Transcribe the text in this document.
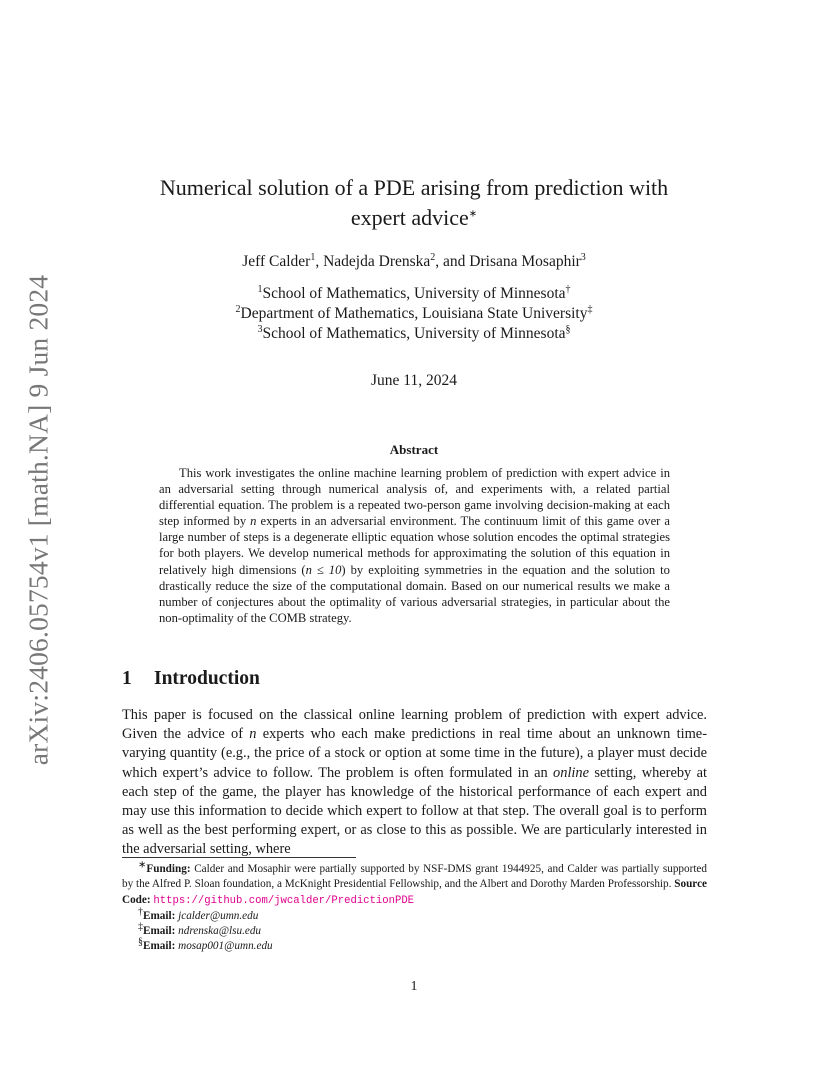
arXiv:2406.05754v1 [math.NA] 9 Jun 2024
Numerical solution of a PDE arising from prediction with
expert advice∗
Jeff Calder$^1$, Nadejda Drenska$^2$, and Drisana Mosaphir$^3$
$^1$School of Mathematics, University of Minnesota†
$^2$Department of Mathematics, Louisiana State University‡
$^3$School of Mathematics, University of Minnesota§
June 11, 2024
Abstract

This work investigates the online machine learning problem of prediction with expert advice in an adversarial setting through numerical analysis of, and experiments with, a related partial differential equation. The problem is a repeated two-person game involving decision-making at each step informed by n experts in an adversarial environment. The continuum limit of this game over a large number of steps is a degenerate elliptic equation whose solution encodes the optimal strategies for both players. We develop numerical methods for approximating the solution of this equation in relatively high dimensions (n ≤ 10) by exploiting symmetries in the equation and the solution to drastically reduce the size of the computational domain. Based on our numerical results we make a number of conjectures about the optimality of various adversarial strategies, in particular about the non-optimality of the COMB strategy.

1 Introduction

This paper is focused on the classical online learning problem of prediction with expert advice. Given the advice of n experts who each make predictions in real time about an unknown time-varying quantity (e.g., the price of a stock or option at some time in the future), a player must decide which expert’s advice to follow. The problem is often formulated in an online setting, whereby at each step of the game, the player has knowledge of the historical performance of each expert and may use this information to decide which expert to follow at that step. The overall goal is to perform as well as the best performing expert, or as close to this as possible. We are particularly interested in the adversarial setting, where

∗Funding: Calder and Mosaphir were partially supported by NSF-DMS grant 1944925, and Calder was partially supported by the Alfred P. Sloan foundation, a McKnight Presidential Fellowship, and the Albert and Dorothy Marden Professorship. Source Code: https://github.com/jwcalder/PredictionPDE

†Email: jcalder@umn.edu

‡Email: ndrenska@lsu.edu

§Email: mosap001@umn.edu

1
